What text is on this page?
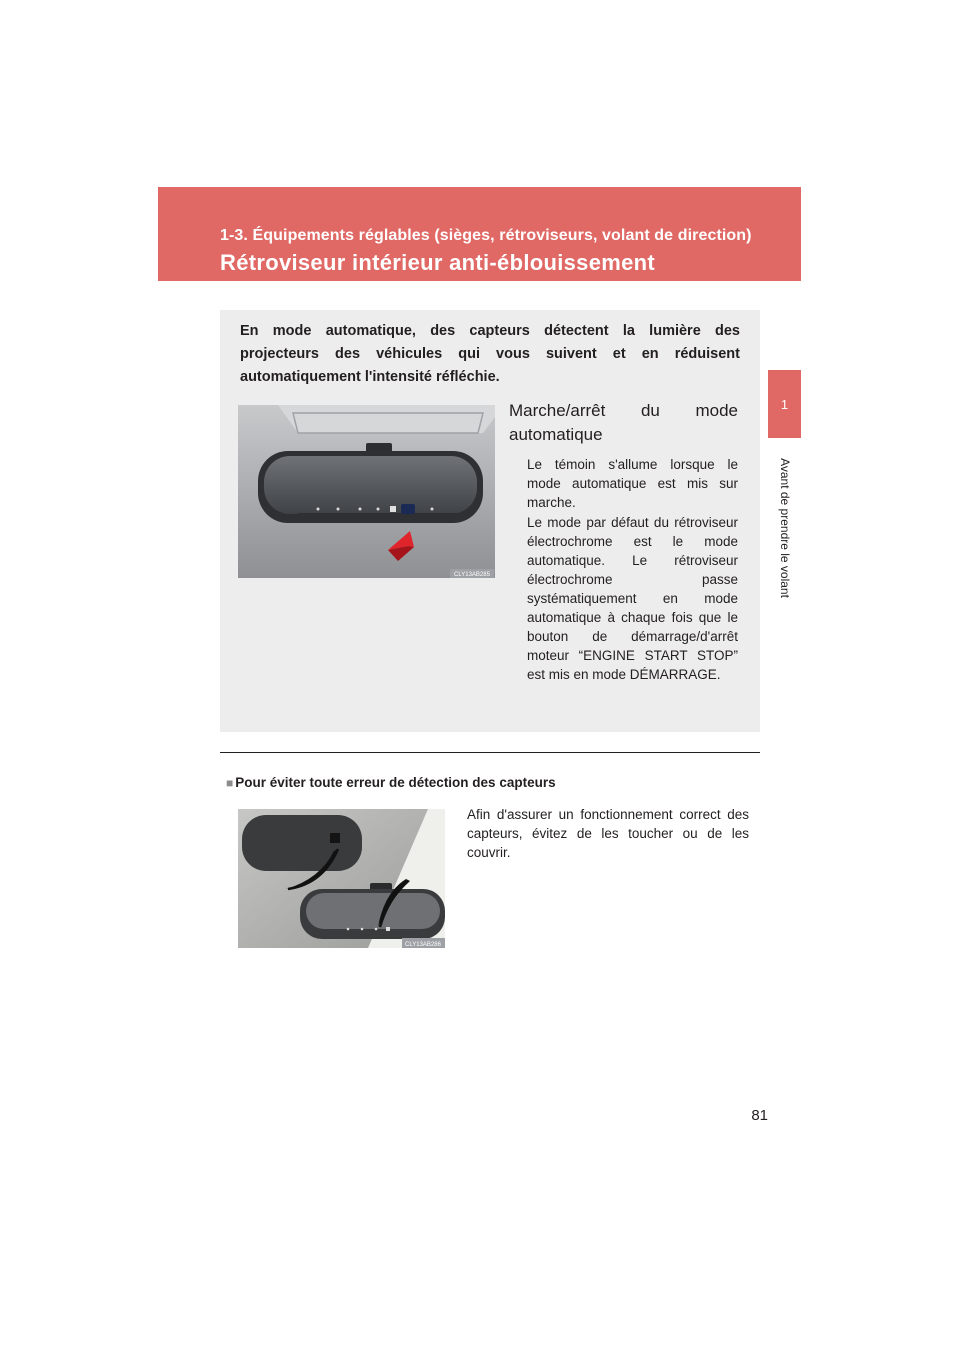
1-3. Équipements réglables (sièges, rétroviseurs, volant de direction)
Rétroviseur intérieur anti-éblouissement
1
Avant de prendre le volant
En mode automatique, des capteurs détectent la lumière des projecteurs des véhicules qui vous suivent et en réduisent automatiquement l'intensité réfléchie.
CLY13AB285
Marche/arrêt du mode automatique
Le témoin s'allume lorsque le mode automatique est mis sur marche.
Le mode par défaut du rétroviseur électrochrome est le mode automatique. Le rétroviseur électrochrome passe systématiquement en mode automatique à chaque fois que le bouton de démarrage/d'arrêt moteur “ENGINE START STOP” est mis en mode DÉMARRAGE.
■ Pour éviter toute erreur de détection des capteurs
CLY13AB286
Afin d'assurer un fonctionnement correct des capteurs, évitez de les toucher ou de les couvrir.
81
